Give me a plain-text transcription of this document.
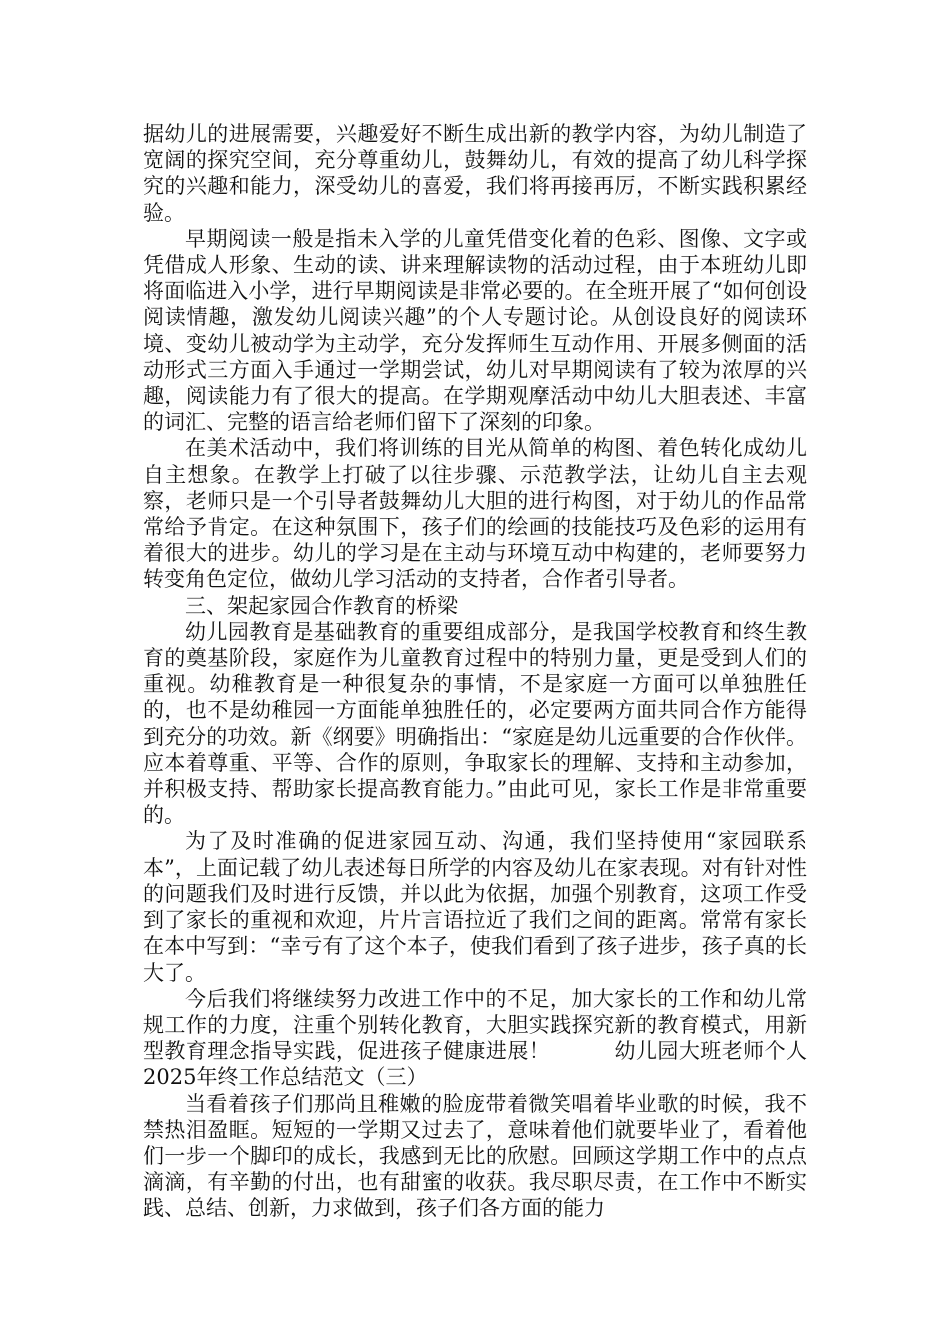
据幼儿的进展需要，兴趣爱好不断生成出新的教学内容，为幼儿制造了宽阔的探究空间，充分尊重幼儿，鼓舞幼儿，有效的提高了幼儿科学探究的兴趣和能力，深受幼儿的喜爱，我们将再接再厉，不断实践积累经验。

早期阅读一般是指未入学的儿童凭借变化着的色彩、图像、文字或凭借成人形象、生动的读、讲来理解读物的活动过程，由于本班幼儿即将面临进入小学，进行早期阅读是非常必要的。在全班开展了“如何创设阅读情趣，激发幼儿阅读兴趣”的个人专题讨论。从创设良好的阅读环境、变幼儿被动学为主动学，充分发挥师生互动作用、开展多侧面的活动形式三方面入手通过一学期尝试，幼儿对早期阅读有了较为浓厚的兴趣，阅读能力有了很大的提高。在学期观摩活动中幼儿大胆表述、丰富的词汇、完整的语言给老师们留下了深刻的印象。

在美术活动中，我们将训练的目光从简单的构图、着色转化成幼儿自主想象。在教学上打破了以往步骤、示范教学法，让幼儿自主去观察，老师只是一个引导者鼓舞幼儿大胆的进行构图，对于幼儿的作品常常给予肯定。在这种氛围下，孩子们的绘画的技能技巧及色彩的运用有着很大的进步。幼儿的学习是在主动与环境互动中构建的，老师要努力转变角色定位，做幼儿学习活动的支持者，合作者引导者。

三、架起家园合作教育的桥梁

幼儿园教育是基础教育的重要组成部分，是我国学校教育和终生教育的奠基阶段，家庭作为儿童教育过程中的特别力量，更是受到人们的重视。幼稚教育是一种很复杂的事情，不是家庭一方面可以单独胜任的，也不是幼稚园一方面能单独胜任的，必定要两方面共同合作方能得到充分的功效。新《纲要》明确指出：“家庭是幼儿远重要的合作伙伴。应本着尊重、平等、合作的原则，争取家长的理解、支持和主动参加，并积极支持、帮助家长提高教育能力。”由此可见，家长工作是非常重要的。

为了及时准确的促进家园互动、沟通，我们坚持使用“家园联系本”，上面记载了幼儿表述每日所学的内容及幼儿在家表现。对有针对性的问题我们及时进行反馈，并以此为依据，加强个别教育，这项工作受到了家长的重视和欢迎，片片言语拉近了我们之间的距离。常常有家长在本中写到：“幸亏有了这个本子，使我们看到了孩子进步，孩子真的长大了。

今后我们将继续努力改进工作中的不足，加大家长的工作和幼儿常规工作的力度，注重个别转化教育，大胆实践探究新的教育模式，用新型教育理念指导实践，促进孩子健康进展！　　　幼儿园大班老师个人2025年终工作总结范文（三）

当看着孩子们那尚且稚嫩的脸庞带着微笑唱着毕业歌的时候，我不禁热泪盈眶。短短的一学期又过去了，意味着他们就要毕业了，看着他们一步一个脚印的成长，我感到无比的欣慰。回顾这学期工作中的点点滴滴，有辛勤的付出，也有甜蜜的收获。我尽职尽责，在工作中不断实践、总结、创新，力求做到，孩子们各方面的能力
